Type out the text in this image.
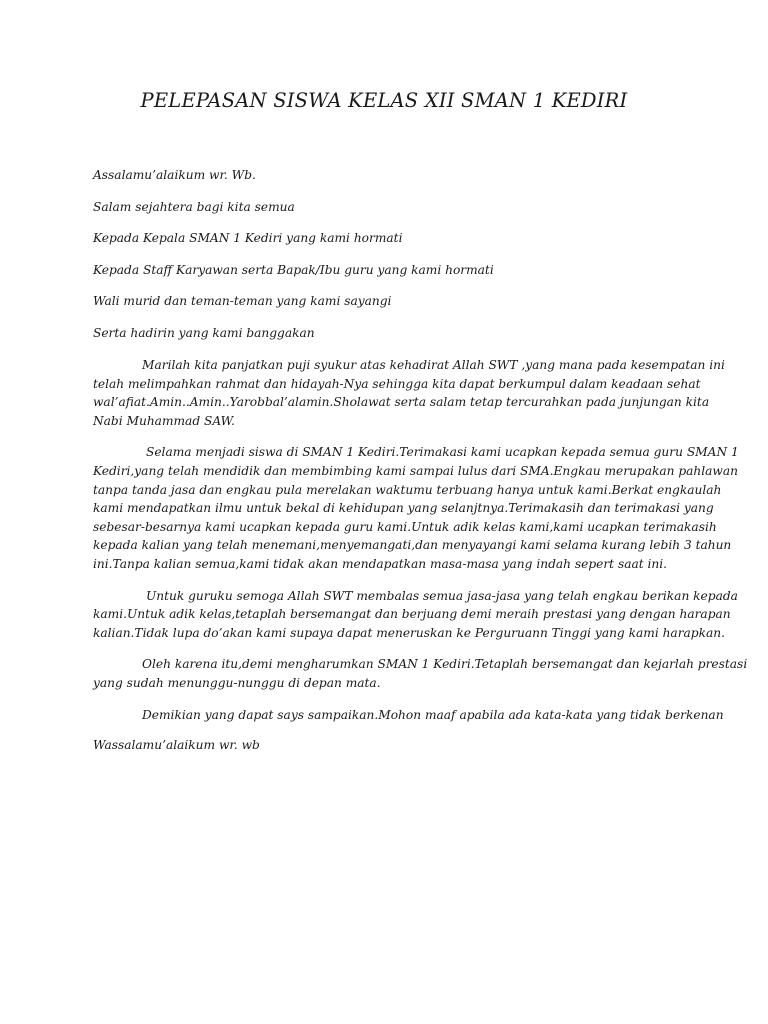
PELEPASAN SISWA KELAS XII SMAN 1 KEDIRI

Assalamu’alaikum wr. Wb.

Salam sejahtera bagi kita semua

Kepada Kepala SMAN 1 Kediri yang kami hormati

Kepada Staff Karyawan serta Bapak/Ibu guru yang kami hormati

Wali murid dan teman-teman yang kami sayangi

Serta hadirin yang kami banggakan

Marilah kita panjatkan puji syukur atas kehadirat Allah SWT ,yang mana pada kesempatan ini
telah melimpahkan rahmat dan hidayah-Nya sehingga kita dapat berkumpul dalam keadaan sehat
wal’afiat.Amin..Amin..Yarobbal’alamin.Sholawat serta salam tetap tercurahkan pada junjungan kita
Nabi Muhammad SAW.
Selama menjadi siswa di SMAN 1 Kediri.Terimakasi kami ucapkan kepada semua guru SMAN 1
Kediri,yang telah mendidik dan membimbing kami sampai lulus dari SMA.Engkau merupakan pahlawan
tanpa tanda jasa dan engkau pula merelakan waktumu terbuang hanya untuk kami.Berkat engkaulah
kami mendapatkan ilmu untuk bekal di kehidupan yang selanjtnya.Terimakasih dan terimakasi yang
sebesar-besarnya kami ucapkan kepada guru kami.Untuk adik kelas kami,kami ucapkan terimakasih
kepada kalian yang telah menemani,menyemangati,dan menyayangi kami selama kurang lebih 3 tahun
ini.Tanpa kalian semua,kami tidak akan mendapatkan masa-masa yang indah sepert saat ini.
Untuk guruku semoga Allah SWT membalas semua jasa-jasa yang telah engkau berikan kepada
kami.Untuk adik kelas,tetaplah bersemangat dan berjuang demi meraih prestasi yang dengan harapan
kalian.Tidak lupa do’akan kami supaya dapat meneruskan ke Perguruann Tinggi yang kami harapkan.
Oleh karena itu,demi mengharumkan SMAN 1 Kediri.Tetaplah bersemangat dan kejarlah prestasi
yang sudah menunggu-nunggu di depan mata.
Demikian yang dapat says sampaikan.Mohon maaf apabila ada kata-kata yang tidak berkenan

Wassalamu’alaikum wr. wb
